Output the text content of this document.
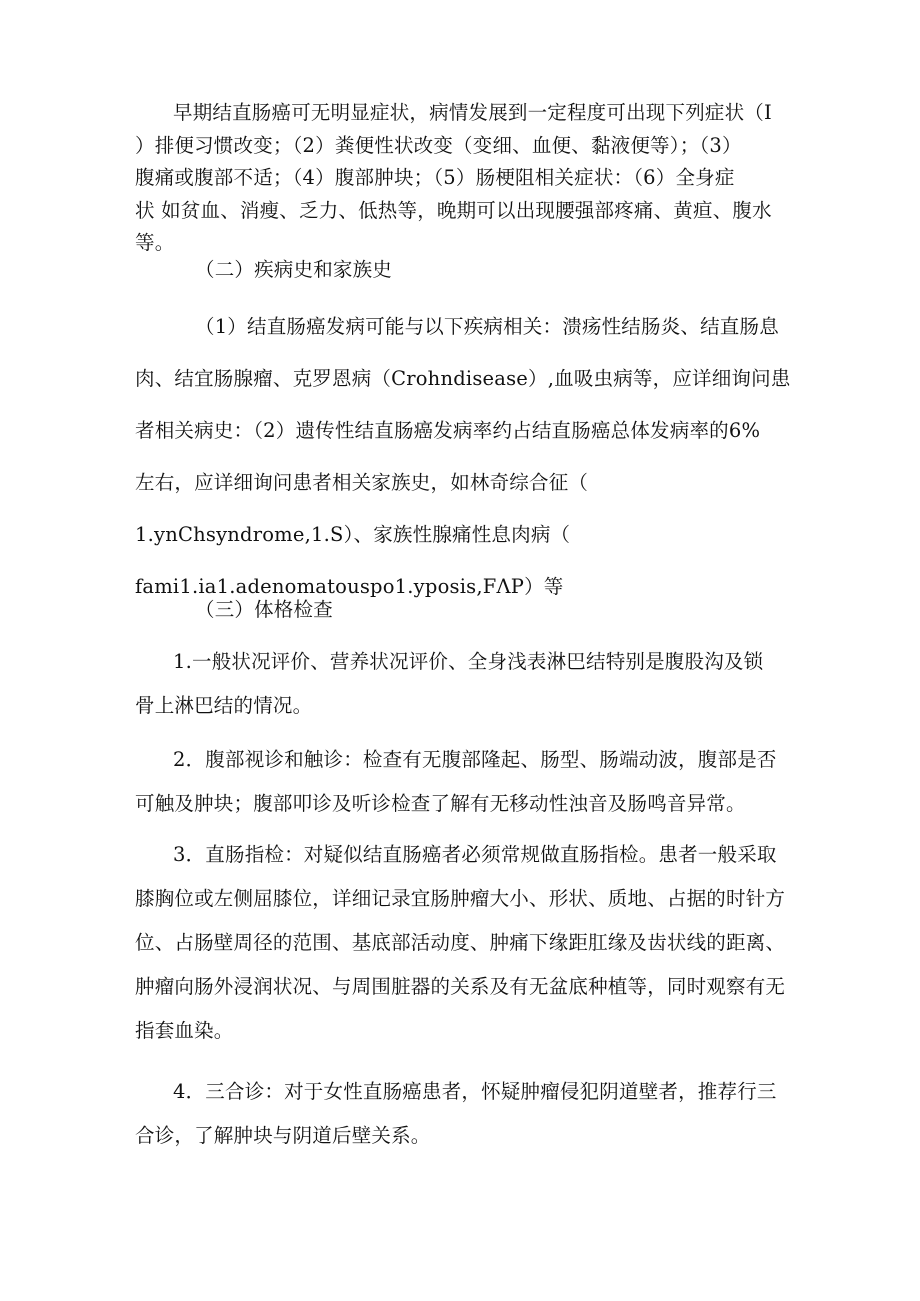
早期结直肠癌可无明显症状，病情发展到一定程度可出现下列症状（I
）排便习惯改变；（2）粪便性状改变（变细、血便、黏液便等）；（3）
腹痛或腹部不适；（4）腹部肿块；（5）肠梗阻相关症状：（6）全身症
状 如贫血、消瘦、乏力、低热等，晚期可以出现腰强部疼痛、黄疸、腹水
等。
（二）疾病史和家族史
（1）结直肠癌发病可能与以下疾病相关：溃疡性结肠炎、结直肠息
肉、结宜肠腺瘤、克罗恩病（Crohndisease）,血吸虫病等，应详细询问患
者相关病史：（2）遗传性结直肠癌发病率约占结直肠癌总体发病率的6%
左右，应详细询问患者相关家族史，如林奇综合征（
1.ynChsyndrome,1.S）、家族性腺痛性息肉病（
fami1.ia1.adenomatouspo1.yposis,FΛP）等
（三）体格检查
1.一般状况评价、营养状况评价、全身浅表淋巴结特别是腹股沟及锁
骨上淋巴结的情况。
2．腹部视诊和触诊：检查有无腹部隆起、肠型、肠端动波，腹部是否
可触及肿块；腹部叩诊及听诊检查了解有无移动性浊音及肠鸣音异常。
3．直肠指检：对疑似结直肠癌者必须常规做直肠指检。患者一般采取
膝胸位或左侧屈膝位，详细记录宜肠肿瘤大小、形状、质地、占据的时针方
位、占肠壁周径的范围、基底部活动度、肿痛下缘距肛缘及齿状线的距离、
肿瘤向肠外浸润状况、与周围脏器的关系及有无盆底种植等，同时观察有无
指套血染。
4．三合诊：对于女性直肠癌患者，怀疑肿瘤侵犯阴道壁者，推荐行三
合诊，了解肿块与阴道后壁关系。
